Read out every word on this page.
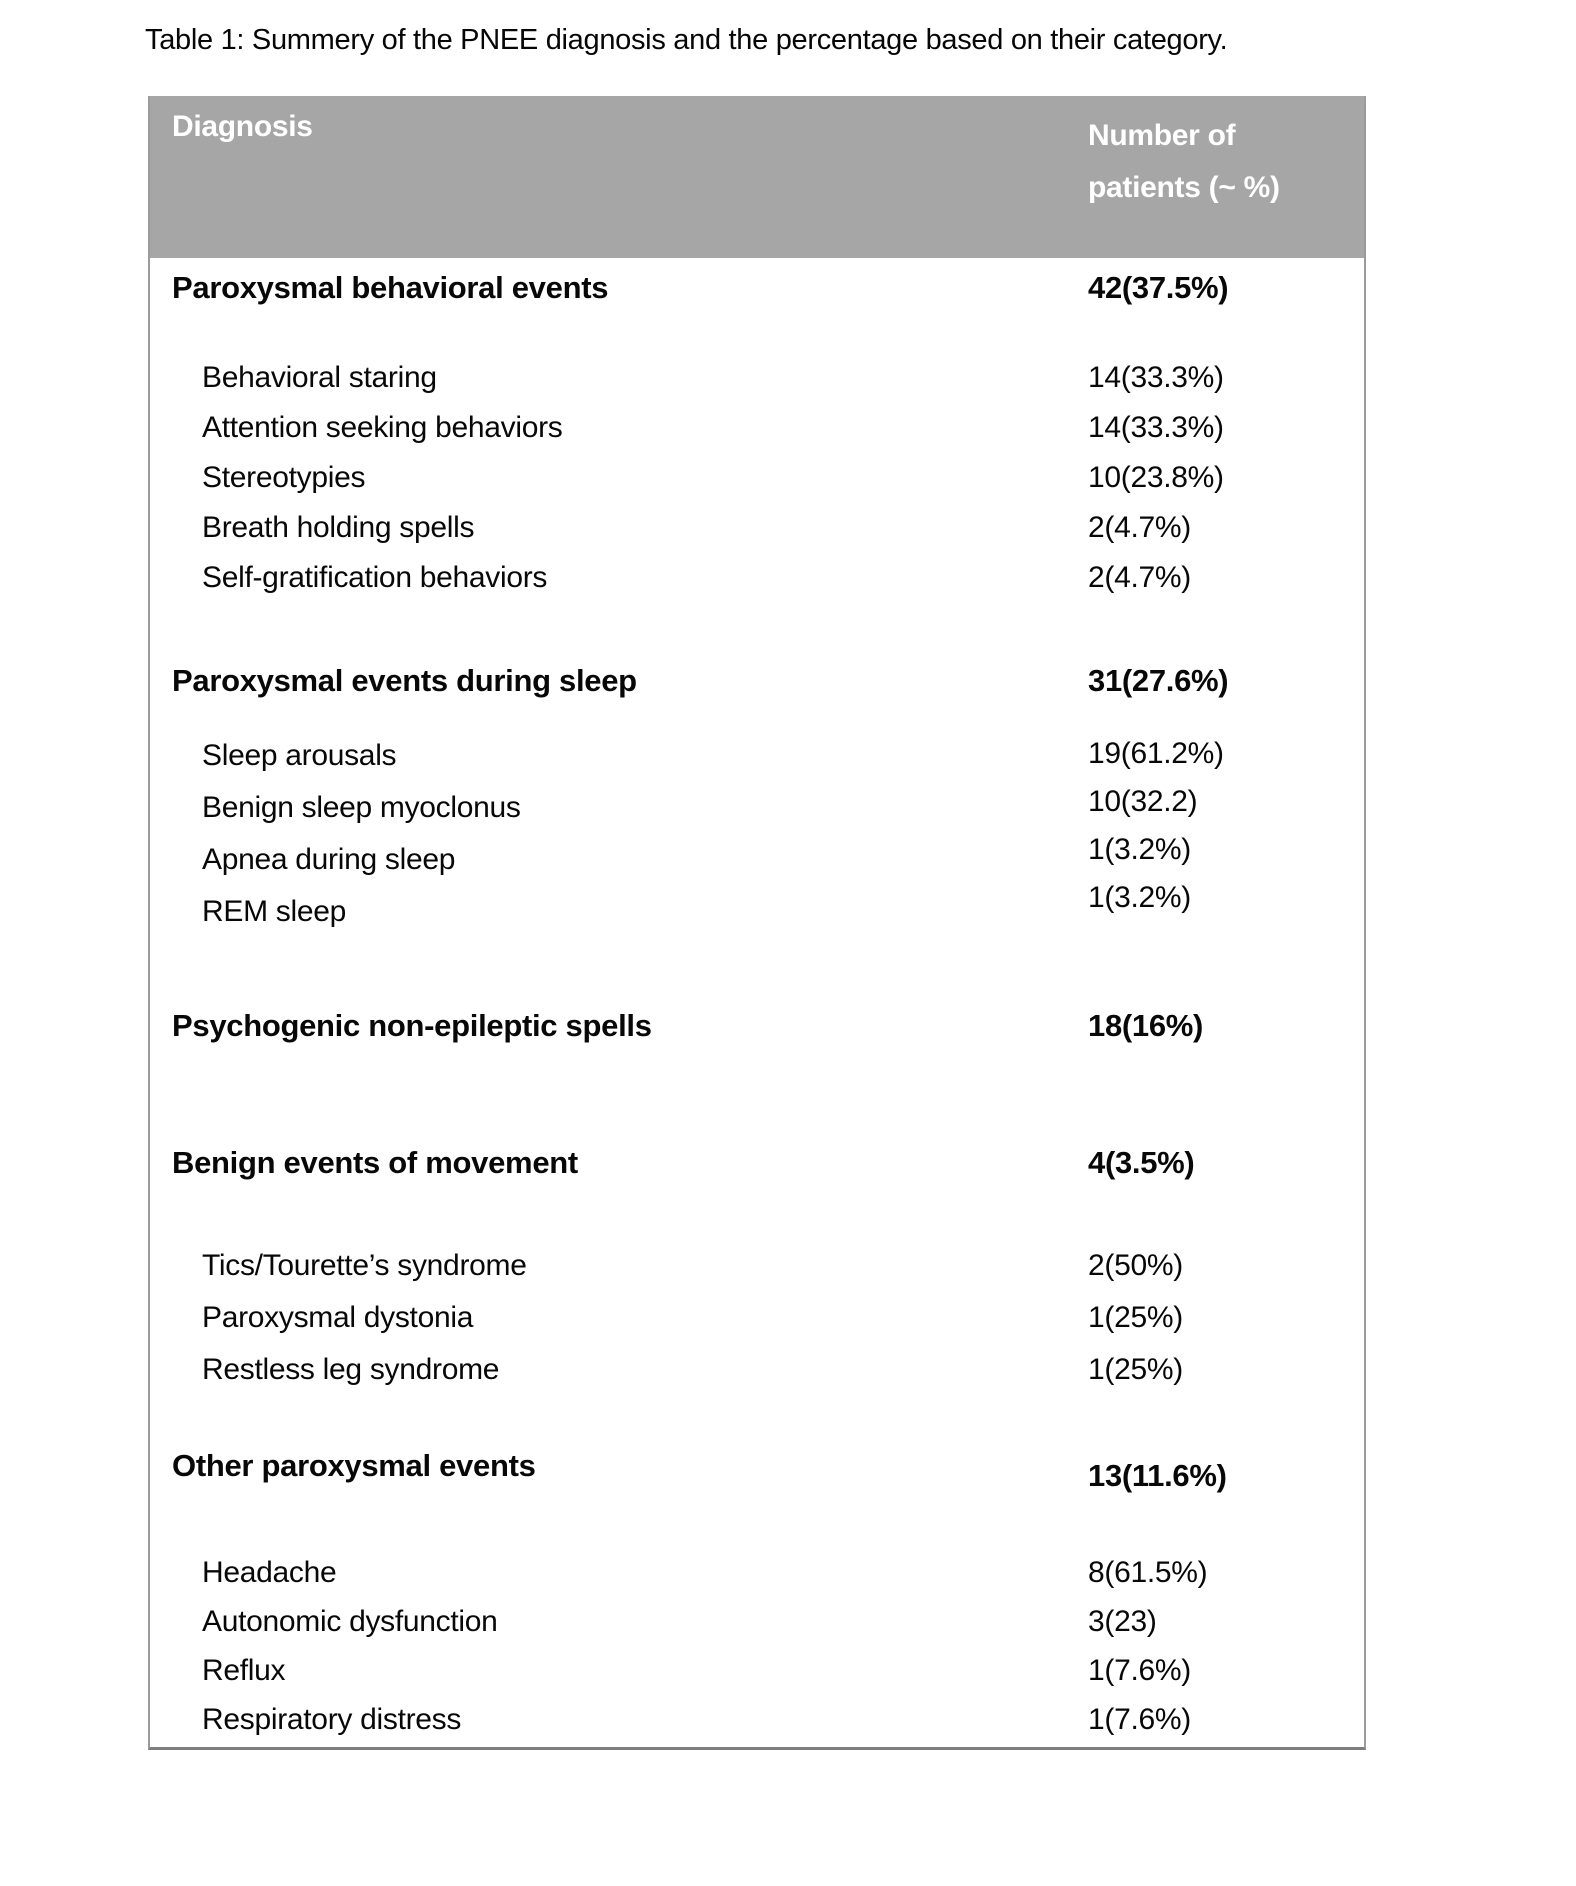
Table 1: Summery of the PNEE diagnosis and the percentage based on their category.
Diagnosis	Number of patients (~ %)
Paroxysmal behavioral events	42(37.5%)
Behavioral staring	14(33.3%)
Attention seeking behaviors	14(33.3%)
Stereotypies	10(23.8%)
Breath holding spells	2(4.7%)
Self-gratification behaviors	2(4.7%)
Paroxysmal events during sleep	31(27.6%)
Sleep arousals	19(61.2%)
Benign sleep myoclonus	10(32.2)
Apnea during sleep	1(3.2%)
REM sleep	1(3.2%)
Psychogenic non-epileptic spells	18(16%)
Benign events of movement	4(3.5%)
Tics/Tourette’s syndrome	2(50%)
Paroxysmal dystonia	1(25%)
Restless leg syndrome	1(25%)
Other paroxysmal events	13(11.6%)
Headache	8(61.5%)
Autonomic dysfunction	3(23)
Reflux	1(7.6%)
Respiratory distress	1(7.6%)
